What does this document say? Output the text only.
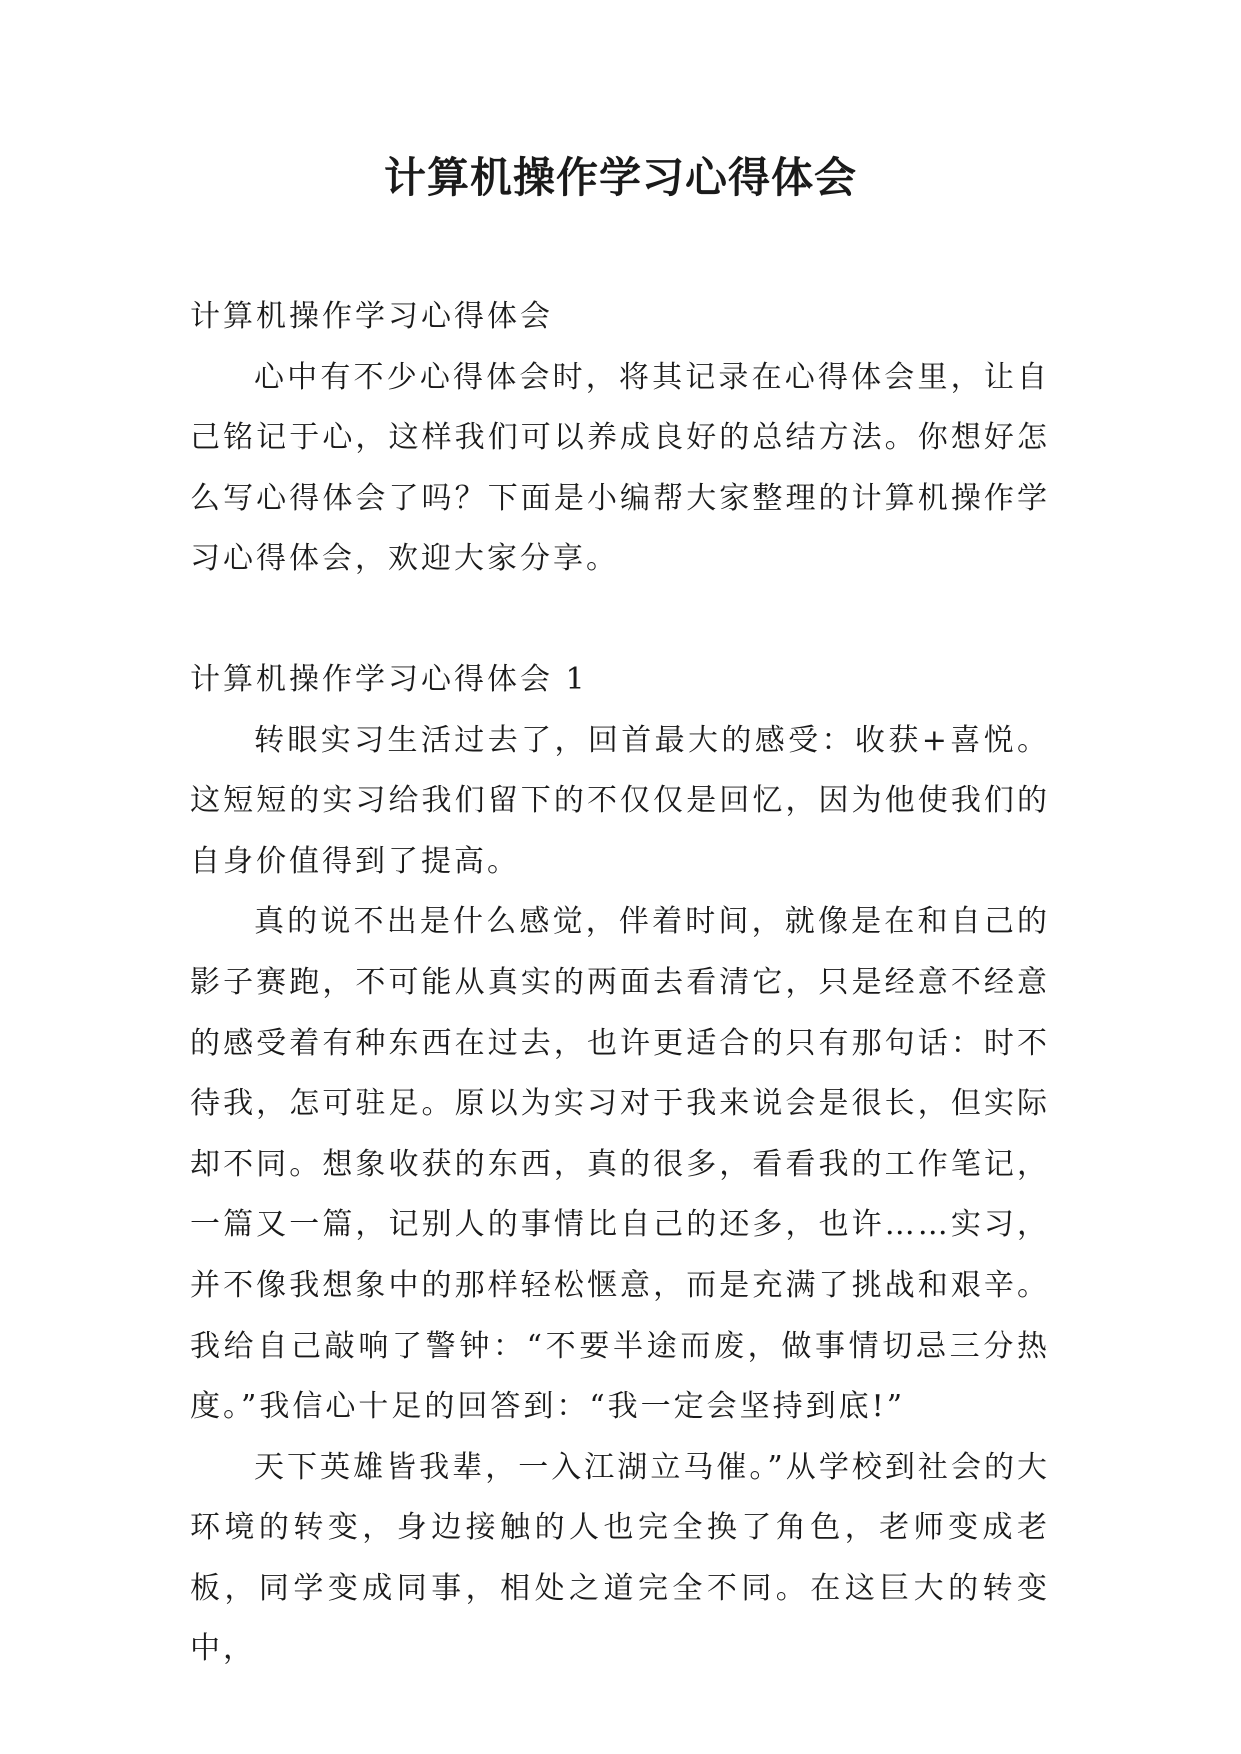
计算机操作学习心得体会

计算机操作学习心得体会

心中有不少心得体会时，将其记录在心得体会里，让自己铭记于心，这样我们可以养成良好的总结方法。你想好怎么写心得体会了吗？下面是小编帮大家整理的计算机操作学习心得体会，欢迎大家分享。

计算机操作学习心得体会 1

转眼实习生活过去了，回首最大的感受：收获+喜悦。这短短的实习给我们留下的不仅仅是回忆，因为他使我们的自身价值得到了提高。

真的说不出是什么感觉，伴着时间，就像是在和自己的影子赛跑，不可能从真实的两面去看清它，只是经意不经意的感受着有种东西在过去，也许更适合的只有那句话：时不待我，怎可驻足。原以为实习对于我来说会是很长，但实际却不同。想象收获的东西，真的很多，看看我的工作笔记，一篇又一篇，记别人的事情比自己的还多，也许……实习，并不像我想象中的那样轻松惬意，而是充满了挑战和艰辛。我给自己敲响了警钟：“不要半途而废，做事情切忌三分热度。”我信心十足的回答到：“我一定会坚持到底!”

天下英雄皆我辈，一入江湖立马催。”从学校到社会的大环境的转变，身边接触的人也完全换了角色，老师变成老板，同学变成同事，相处之道完全不同。在这巨大的转变中，
